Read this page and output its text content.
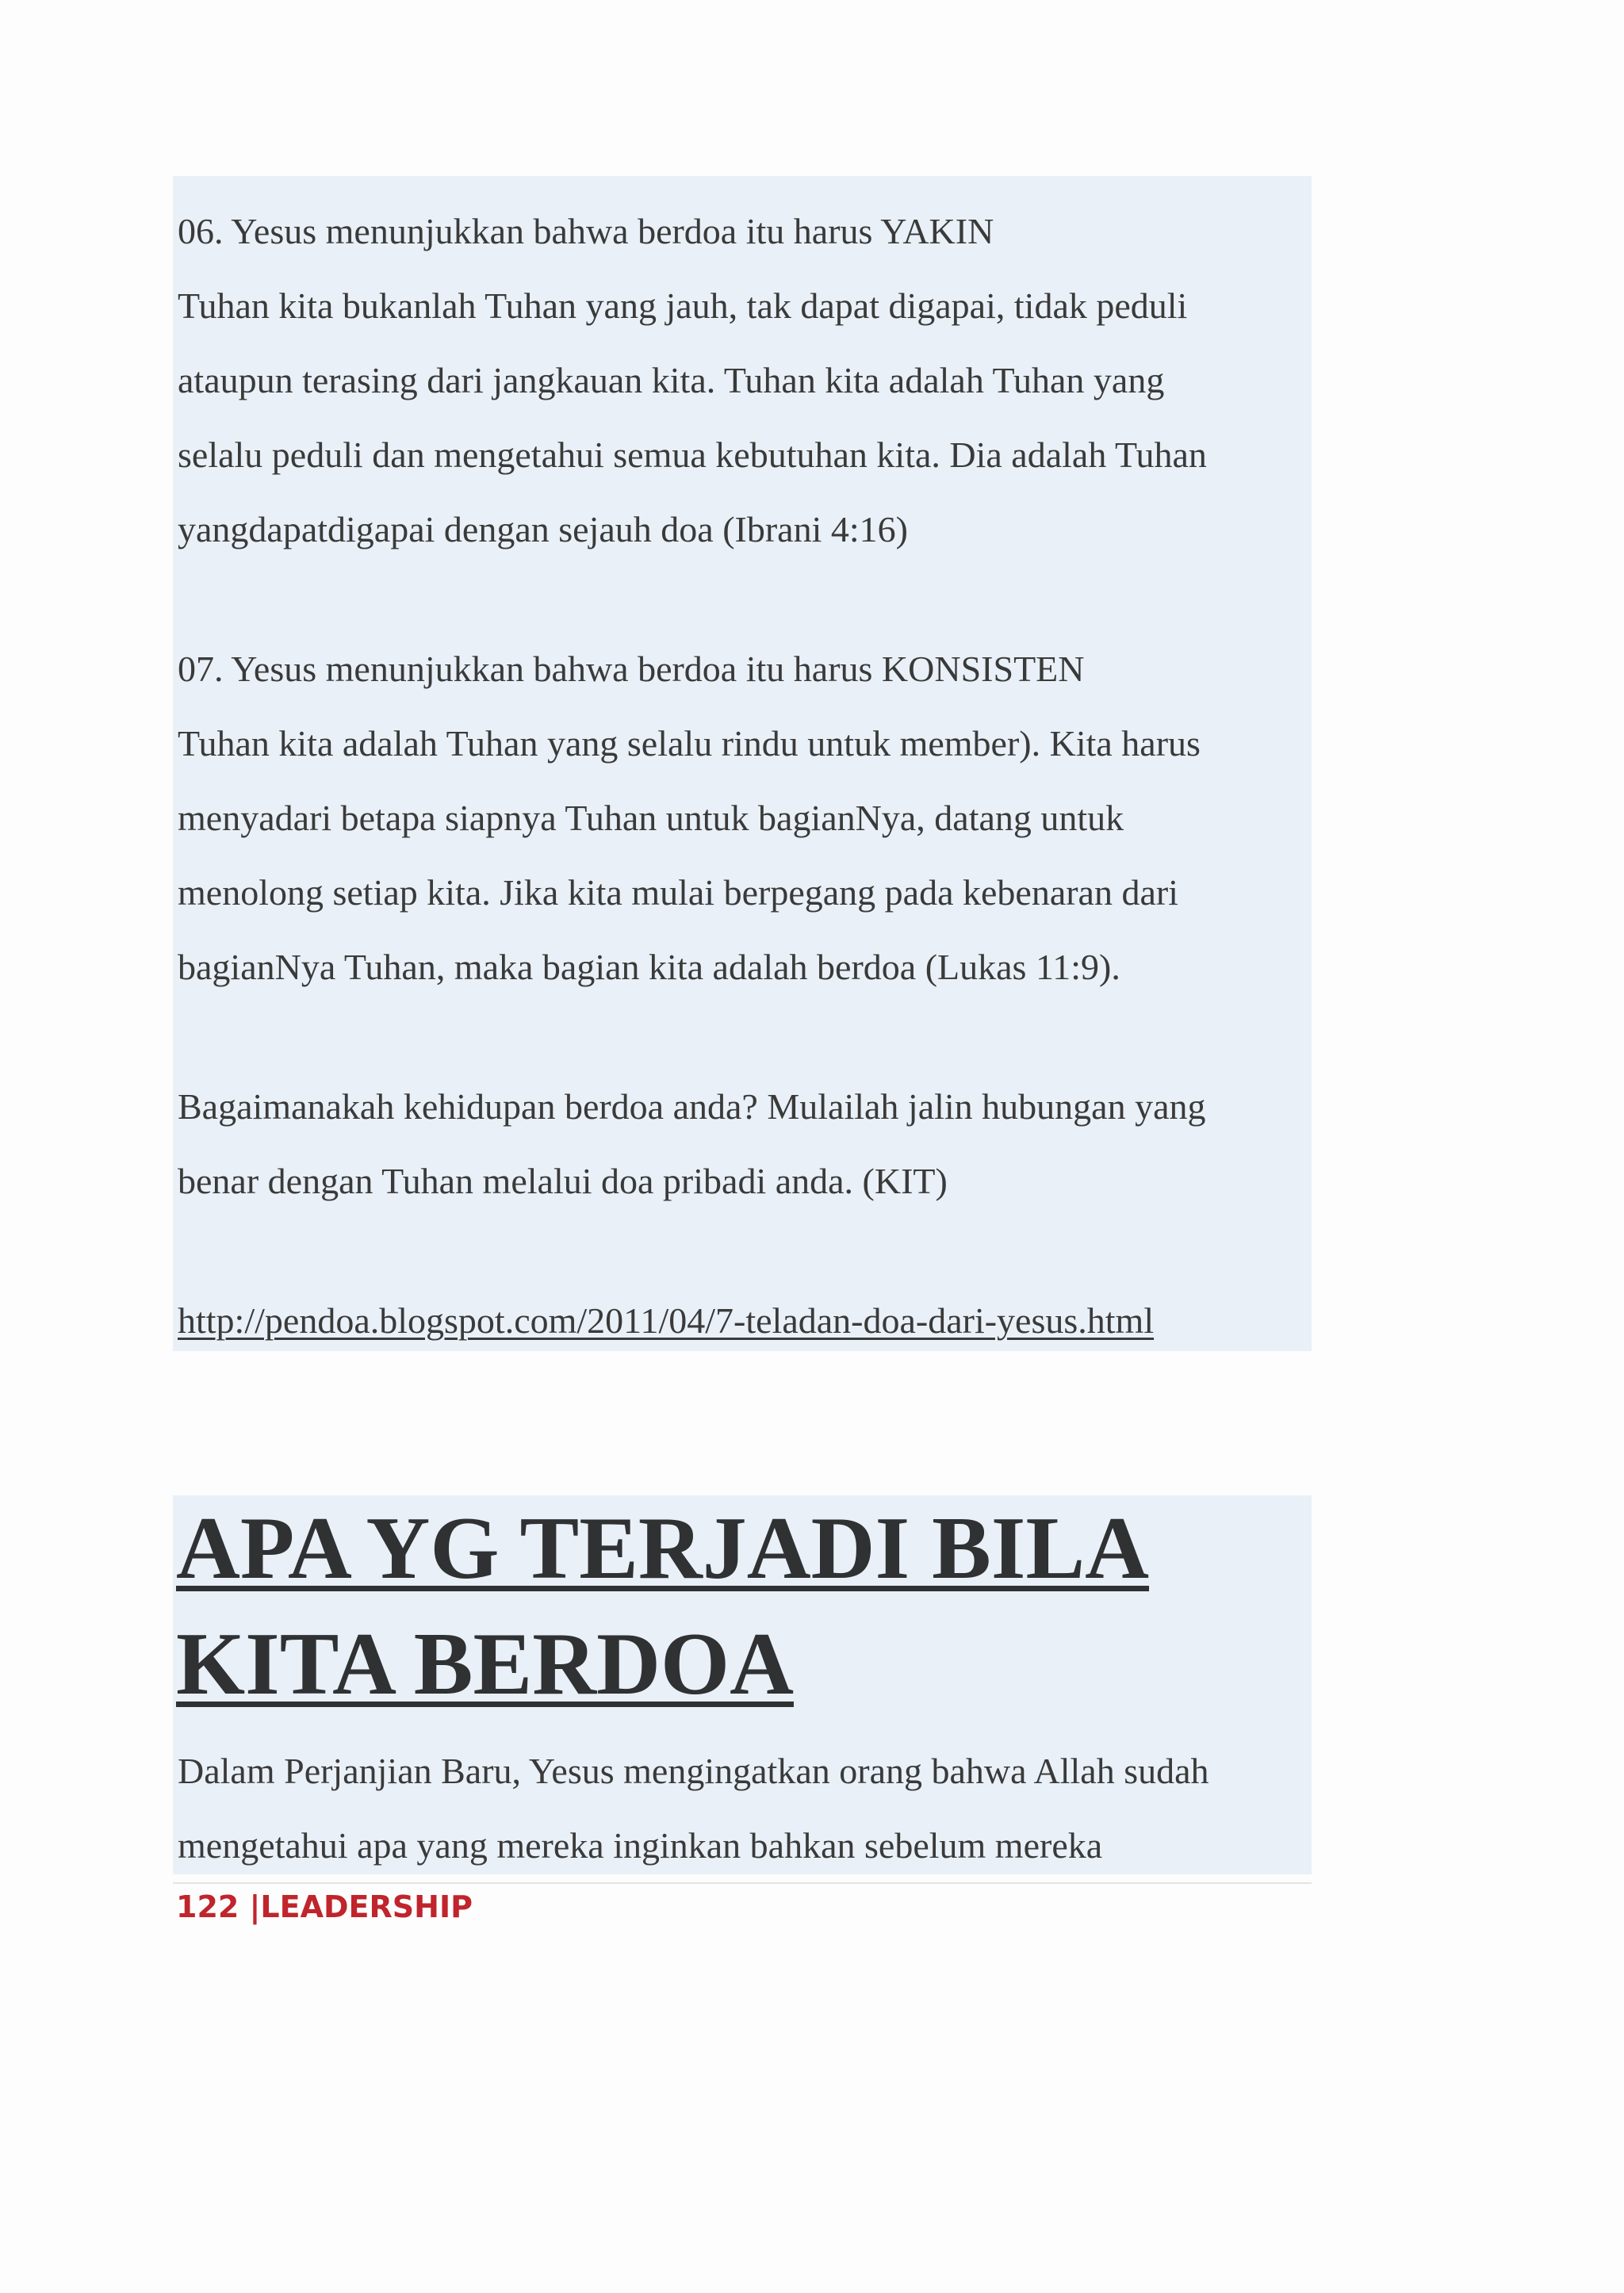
06. Yesus menunjukkan bahwa berdoa itu harus YAKIN
Tuhan kita bukanlah Tuhan yang jauh, tak dapat digapai, tidak peduli
ataupun terasing dari jangkauan kita. Tuhan kita adalah Tuhan yang
selalu peduli dan mengetahui semua kebutuhan kita. Dia adalah Tuhan
yangdapatdigapai dengan sejauh doa (Ibrani 4:16)
07. Yesus menunjukkan bahwa berdoa itu harus KONSISTEN
Tuhan kita adalah Tuhan yang selalu rindu untuk member). Kita harus
menyadari betapa siapnya Tuhan untuk bagianNya, datang untuk
menolong setiap kita. Jika kita mulai berpegang pada kebenaran dari
bagianNya Tuhan, maka bagian kita adalah berdoa (Lukas 11:9).
Bagaimanakah kehidupan berdoa anda? Mulailah jalin hubungan yang
benar dengan Tuhan melalui doa pribadi anda. (KIT)
http://pendoa.blogspot.com/2011/04/7-teladan-doa-dari-yesus.html
APA YG TERJADI BILA
KITA BERDOA
Dalam Perjanjian Baru, Yesus mengingatkan orang bahwa Allah sudah
mengetahui apa yang mereka inginkan bahkan sebelum mereka
122 |LEADERSHIP
